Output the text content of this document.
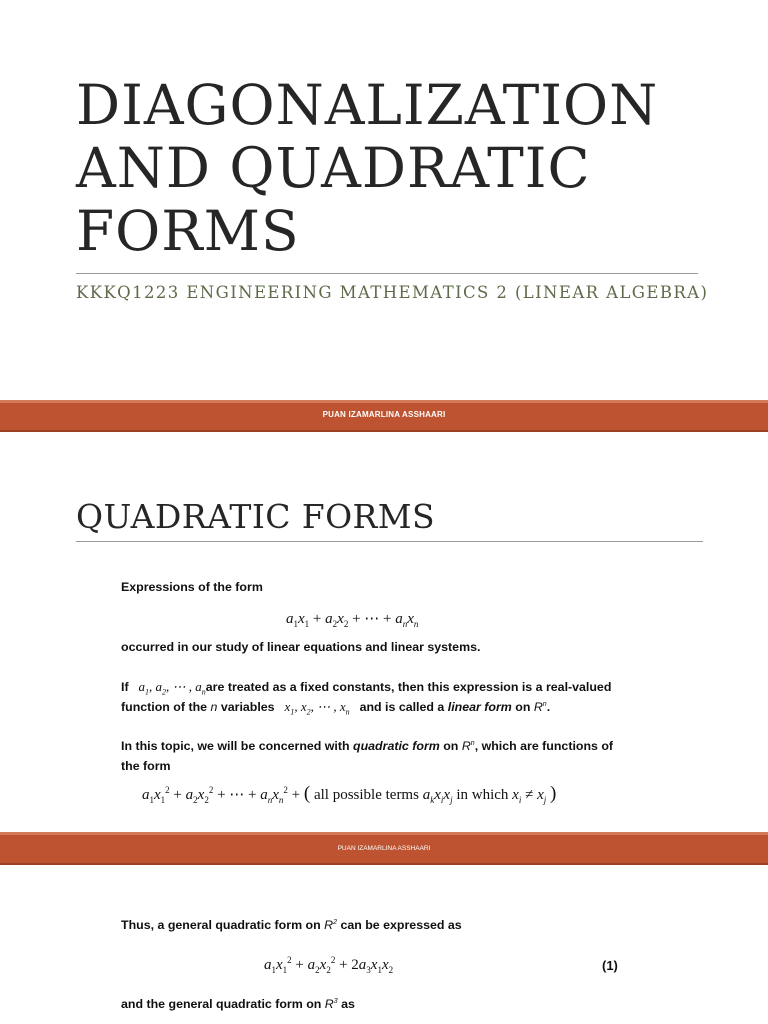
DIAGONALIZATION
AND QUADRATIC
FORMS
KKKQ1223 ENGINEERING MATHEMATICS 2 (LINEAR ALGEBRA)
PUAN IZAMARLINA ASSHAARI
QUADRATIC FORMS
Expressions of the form
$a_1x_1 + a_2x_2$ + ⋯ + $a_nx_n$
occurred in our study of linear equations and linear systems.
If   $a_1$, $a_2$, ⋯ , $a_nare$ treated as a fixed constants, then this expression is a real-valued
function of the n variables   $x_1$, $x_2$, ⋯ , $x_n$ and is called a linear form on $R^n$.
In this topic, we will be concerned with quadratic form on $R^n$, which are functions of
the form
$a_1x_1^2 + a_2x_2^2$ + ⋯ + $a_nx_n^2$ + ( all possible terms $a_kx_ix_j$ in which $x_i \ne x_j$ )
PUAN IZAMARLINA ASSHAARI
Thus, a general quadratic form on $R^2$ can be expressed as
$a_1x_1^2 + a_2x_2^2 + 2a_3x_1x_2$	(1)
and the general quadratic form on $R^3$ as
